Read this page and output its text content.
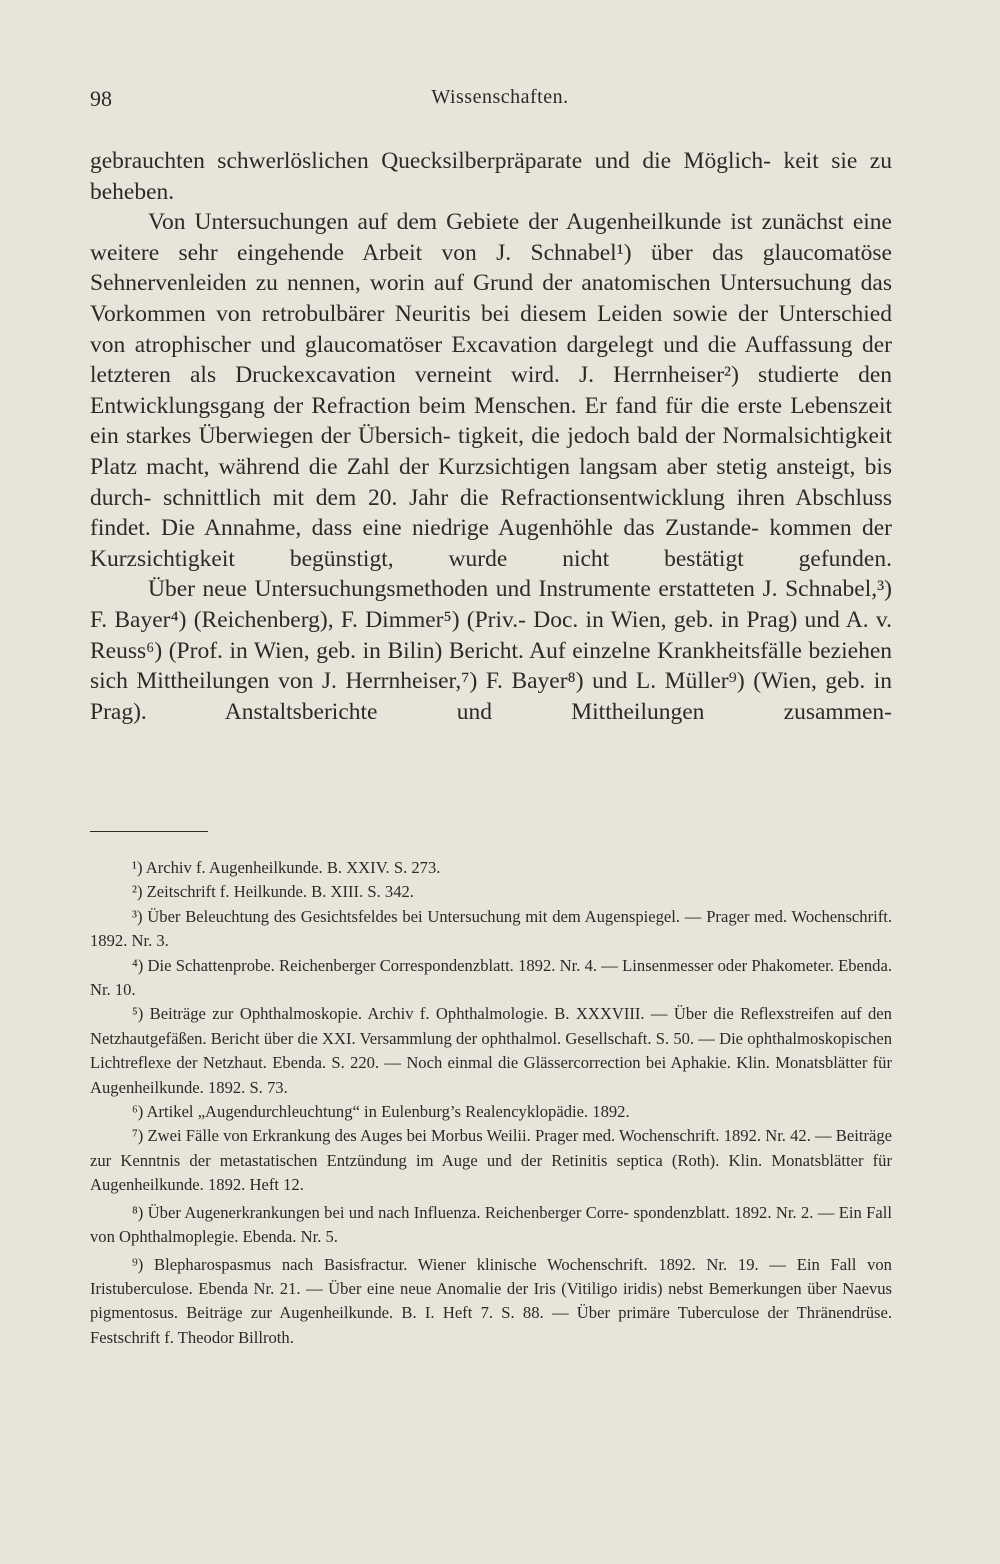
98	Wissenschaften.

gebrauchten schwerlöslichen Quecksilberpräparate und die Möglich- keit sie zu beheben.

Von Untersuchungen auf dem Gebiete der Augenheilkunde ist zunächst eine weitere sehr eingehende Arbeit von J. Schnabel¹) über das glaucomatöse Sehnervenleiden zu nennen, worin auf Grund der anatomischen Untersuchung das Vorkommen von retrobulbärer Neuritis bei diesem Leiden sowie der Unterschied von atrophischer und glaucomatöser Excavation dargelegt und die Auffassung der letzteren als Druckexcavation verneint wird. J. Herrnheiser²) studierte den Entwicklungsgang der Refraction beim Menschen. Er fand für die erste Lebenszeit ein starkes Überwiegen der Übersich- tigkeit, die jedoch bald der Normalsichtigkeit Platz macht, während die Zahl der Kurzsichtigen langsam aber stetig ansteigt, bis durch- schnittlich mit dem 20. Jahr die Refractionsentwicklung ihren Abschluss findet. Die Annahme, dass eine niedrige Augenhöhle das Zustande- kommen der Kurzsichtigkeit begünstigt, wurde nicht bestätigt gefunden.

Über neue Untersuchungsmethoden und Instrumente erstatteten J. Schnabel,³) F. Bayer⁴) (Reichenberg), F. Dimmer⁵) (Priv.- Doc. in Wien, geb. in Prag) und A. v. Reuss⁶) (Prof. in Wien, geb. in Bilin) Bericht. Auf einzelne Krankheitsfälle beziehen sich Mittheilungen von J. Herrnheiser,⁷) F. Bayer⁸) und L. Müller⁹) (Wien, geb. in Prag). Anstaltsberichte und Mittheilungen zusammen-

¹) Archiv f. Augenheilkunde. B. XXIV. S. 273.

²) Zeitschrift f. Heilkunde. B. XIII. S. 342.

³) Über Beleuchtung des Gesichtsfeldes bei Untersuchung mit dem Augenspiegel. — Prager med. Wochenschrift. 1892. Nr. 3.

⁴) Die Schattenprobe. Reichenberger Correspondenzblatt. 1892. Nr. 4. — Linsenmesser oder Phakometer. Ebenda. Nr. 10.

⁵) Beiträge zur Ophthalmoskopie. Archiv f. Ophthalmologie. B. XXXVIII. — Über die Reflexstreifen auf den Netzhautgefäßen. Bericht über die XXI. Versammlung der ophthalmol. Gesellschaft. S. 50. — Die ophthalmoskopischen Lichtreflexe der Netzhaut. Ebenda. S. 220. — Noch einmal die Glässercorrection bei Aphakie. Klin. Monatsblätter für Augenheilkunde. 1892. S. 73.

⁶) Artikel „Augendurchleuchtung“ in Eulenburg’s Realencyklopädie. 1892.

⁷) Zwei Fälle von Erkrankung des Auges bei Morbus Weilii. Prager med. Wochenschrift. 1892. Nr. 42. — Beiträge zur Kenntnis der metastatischen Entzündung im Auge und der Retinitis septica (Roth). Klin. Monatsblätter für Augenheilkunde. 1892. Heft 12.

⁸) Über Augenerkrankungen bei und nach Influenza. Reichenberger Corre- spondenzblatt. 1892. Nr. 2. — Ein Fall von Ophthalmoplegie. Ebenda. Nr. 5.

⁹) Blepharospasmus nach Basisfractur. Wiener klinische Wochenschrift. 1892. Nr. 19. — Ein Fall von Iristuberculose. Ebenda Nr. 21. — Über eine neue Anomalie der Iris (Vitiligo iridis) nebst Bemerkungen über Naevus pigmentosus. Beiträge zur Augenheilkunde. B. I. Heft 7. S. 88. — Über primäre Tuberculose der Thränendrüse. Festschrift f. Theodor Billroth.
